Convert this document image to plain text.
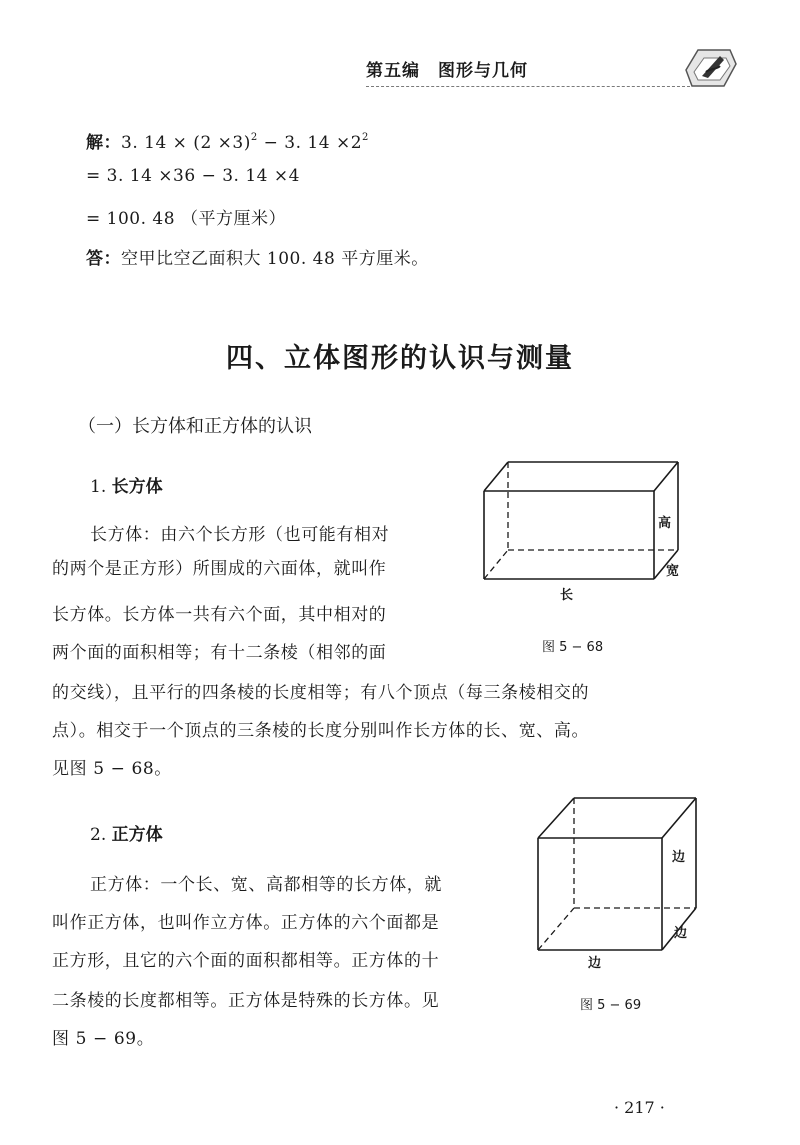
第五编　图形与几何
解：3. $14 \times (2 \times 3)^2 - 3$. $14 \times 2^2$
= 3. 14 ×36 − 3. 14 ×4
= 100. 48 （平方厘米）
答：空甲比空乙面积大 100. 48 平方厘米。
四、立体图形的认识与测量
（一）长方体和正方体的认识
1. 长方体
长方体：由六个长方形（也可能有相对
的两个是正方形）所围成的六面体，就叫作
长方体。长方体一共有六个面，其中相对的
两个面的面积相等；有十二条棱（相邻的面
的交线），且平行的四条棱的长度相等；有八个顶点（每三条棱相交的
点）。相交于一个顶点的三条棱的长度分别叫作长方体的长、宽、高。
见图 5 − 68。
高
宽
长
图 5 − 68
2. 正方体
正方体：一个长、宽、高都相等的长方体，就
叫作正方体，也叫作立方体。正方体的六个面都是
正方形，且它的六个面的面积都相等。正方体的十
二条棱的长度都相等。正方体是特殊的长方体。见
图 5 − 69。
边
边
边
图 5 − 69
· 217 ·
